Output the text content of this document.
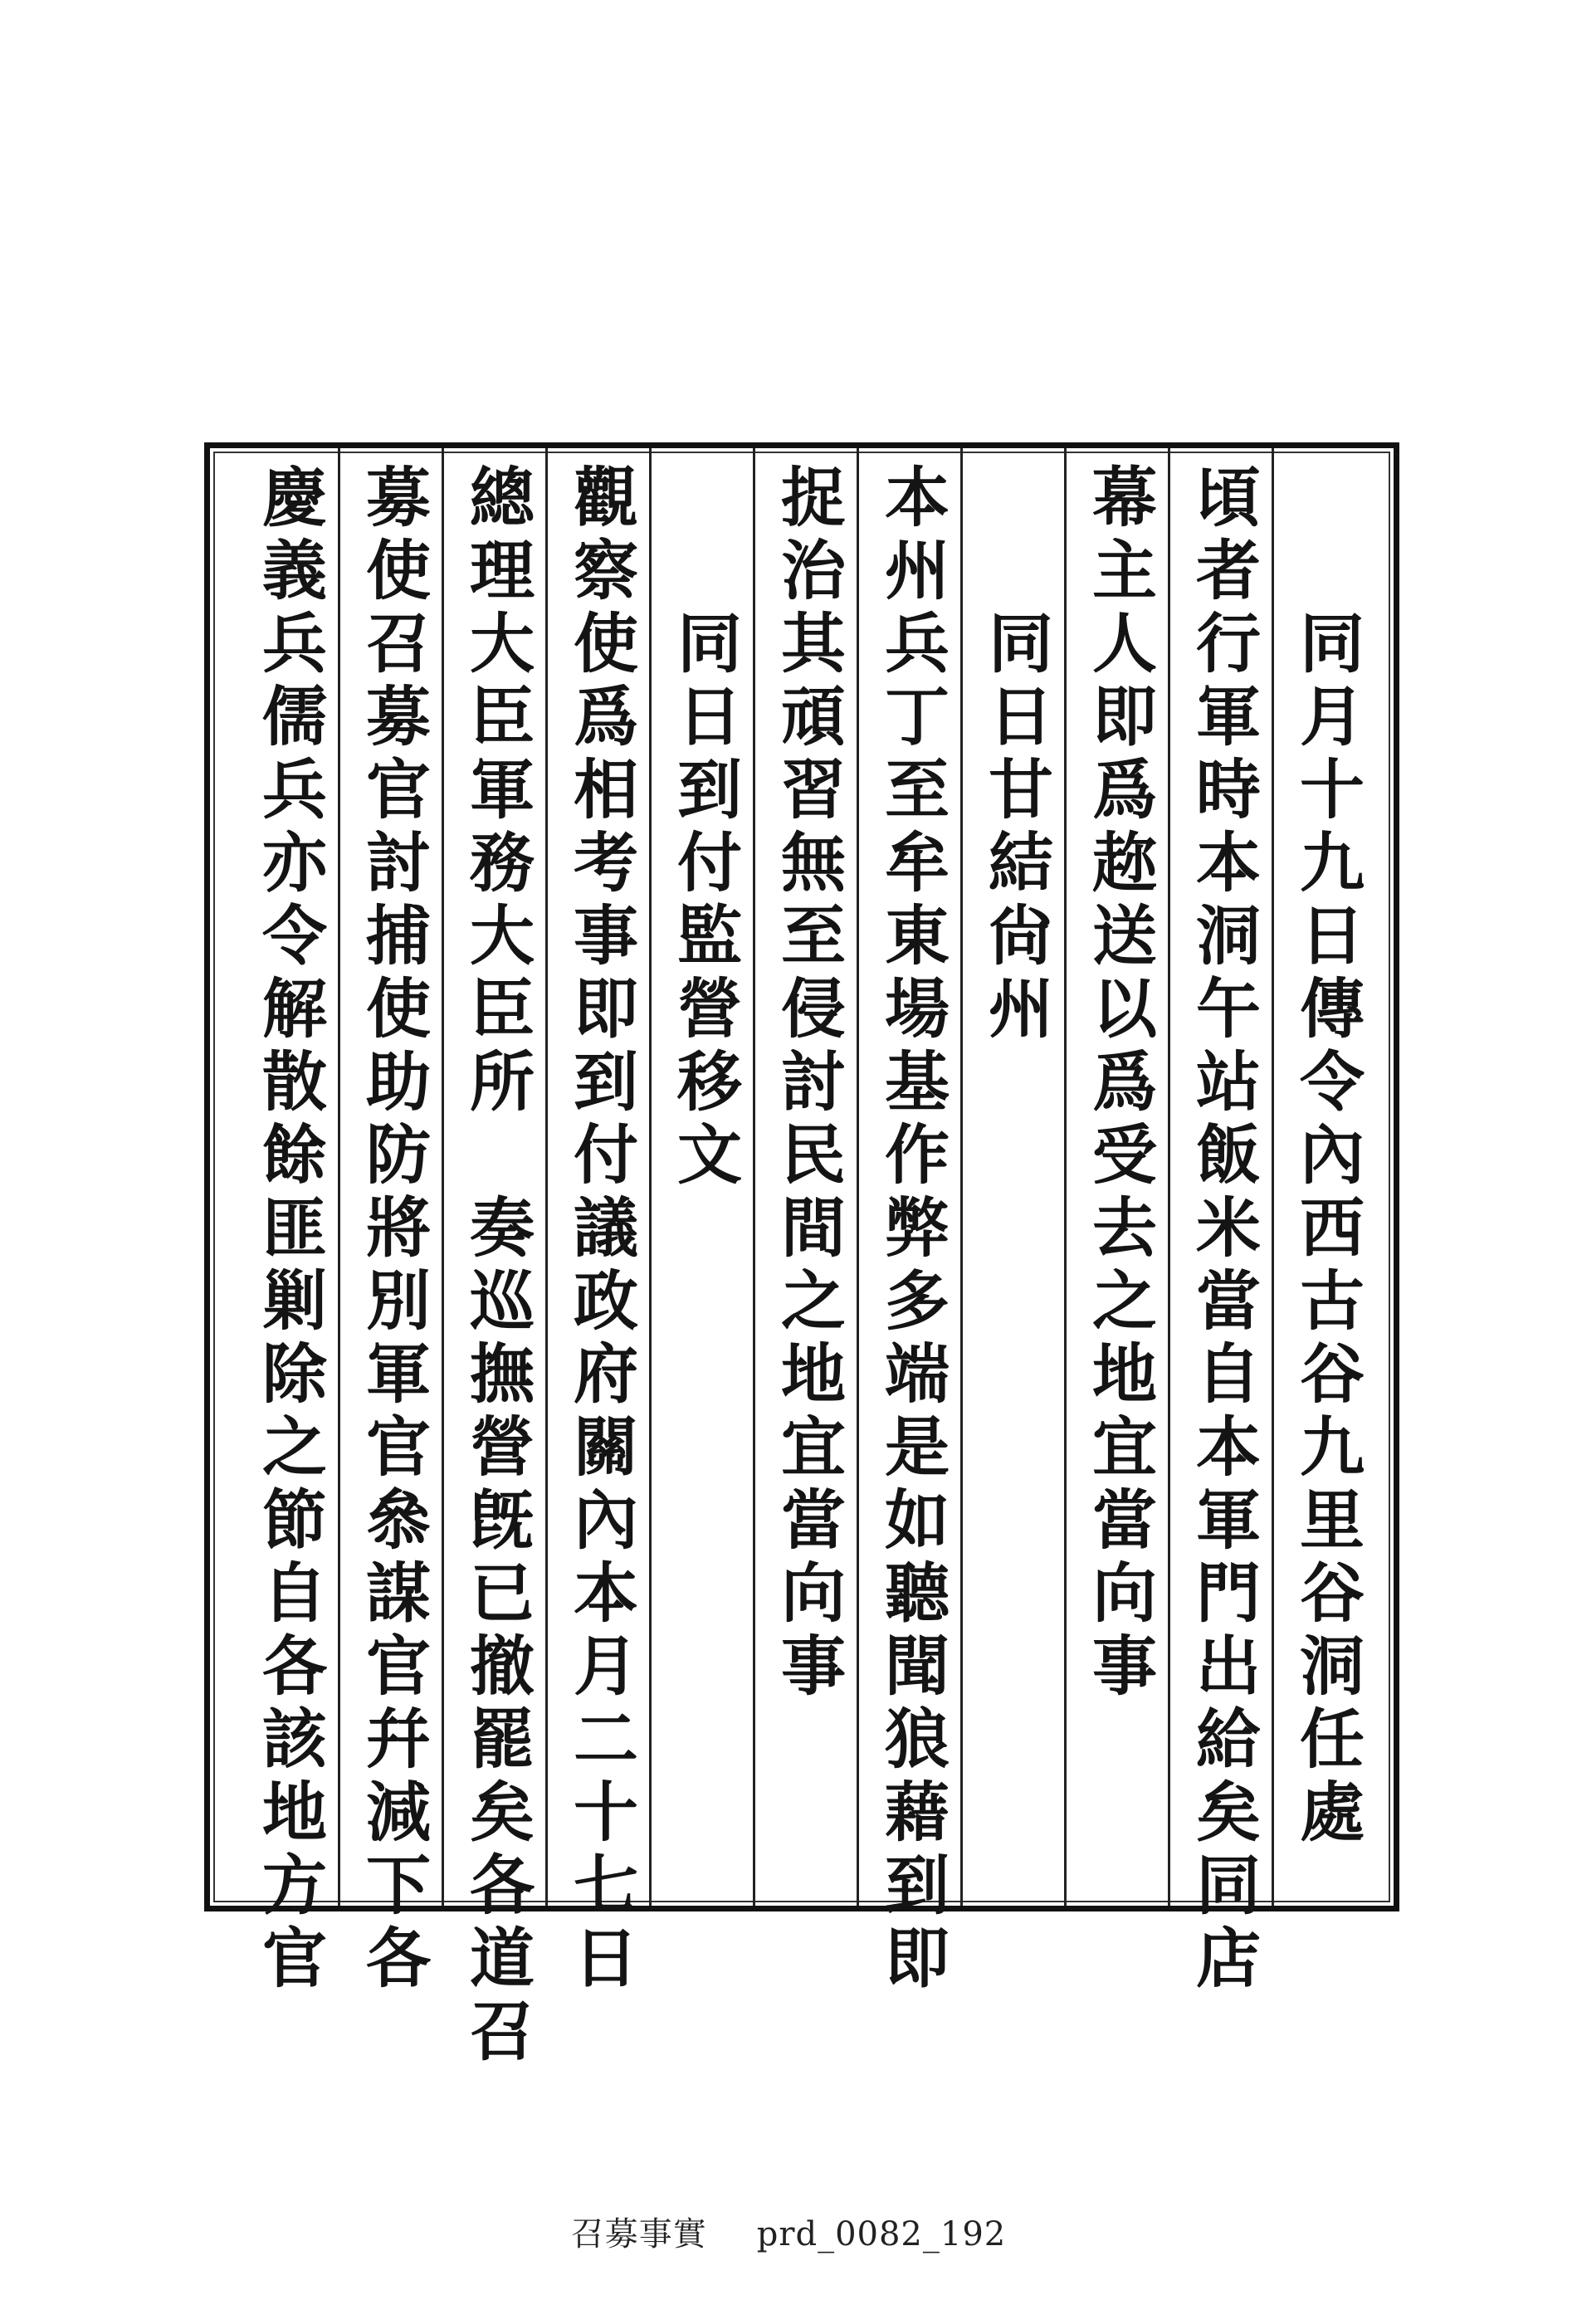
　　同月十九日傳令內西古谷九里谷洞任處
頃者行軍時本洞午站飯米當自本軍門出給矣同店
幕主人即爲趂送以爲受去之地宜當向事
　　同日甘結尙州
本州兵丁至牟東場基作弊多端是如聽聞狼藉到即
捉治其頑習無至侵討民間之地宜當向事
　　同日到付監營移文
觀察使爲相考事即到付議政府關內本月二十七日
總理大臣軍務大臣所　奏巡撫營旣已撤罷矣各道召
募使召募官討捕使助防將別軍官叅謀官幷減下各
慶義兵儒兵亦令解散餘匪剿除之節自各該地方官
召募事實 prd_0082_192
